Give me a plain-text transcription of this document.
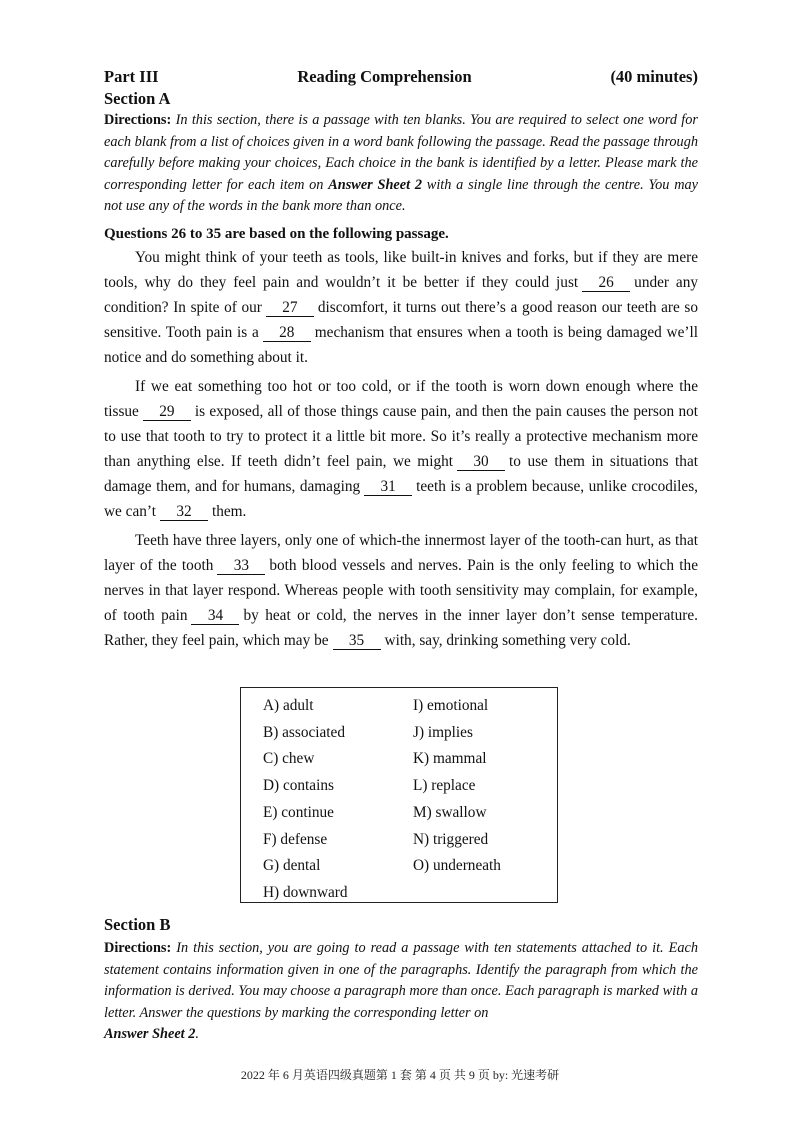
Part III	Reading Comprehension	(40 minutes)

Section A

Directions: In this section, there is a passage with ten blanks. You are required to select one word for each blank from a list of choices given in a word bank following the passage. Read the passage through carefully before making your choices, Each choice in the bank is identified by a letter. Please mark the corresponding letter for each item on Answer Sheet 2 with a single line through the centre. You may not use any of the words in the bank more than once.

Questions 26 to 35 are based on the following passage.

You might think of your teeth as tools, like built-in knives and forks, but if they are mere tools, why do they feel pain and wouldn’t it be better if they could just 26 under any condition? In spite of our 27 discomfort, it turns out there’s a good reason our teeth are so sensitive. Tooth pain is a 28 mechanism that ensures when a tooth is being damaged we’ll notice and do something about it.

If we eat something too hot or too cold, or if the tooth is worn down enough where the tissue 29 is exposed, all of those things cause pain, and then the pain causes the person not to use that tooth to try to protect it a little bit more. So it’s really a protective mechanism more than anything else. If teeth didn’t feel pain, we might 30 to use them in situations that damage them, and for humans, damaging 31 teeth is a problem because, unlike crocodiles, we can’t 32 them.

Teeth have three layers, only one of which-the innermost layer of the tooth-can hurt, as that layer of the tooth 33 both blood vessels and nerves. Pain is the only feeling to which the nerves in that layer respond. Whereas people with tooth sensitivity may complain, for example, of tooth pain 34 by heat or cold, the nerves in the inner layer don’t sense temperature. Rather, they feel pain, which may be 35 with, say, drinking something very cold.

A) adult
B) associated
C) chew
D) contains
E) continue
F) defense
G) dental
H) downward
I) emotional
J) implies
K) mammal
L) replace
M) swallow
N) triggered
O) underneath

Section B

Directions: In this section, you are going to read a passage with ten statements attached to it. Each statement contains information given in one of the paragraphs. Identify the paragraph from which the information is derived. You may choose a paragraph more than once. Each paragraph is marked with a letter. Answer the questions by marking the corresponding letter on
Answer Sheet 2.

2022 年 6 月英语四级真题第 1 套 第 4 页 共 9 页 by: 光速考研
